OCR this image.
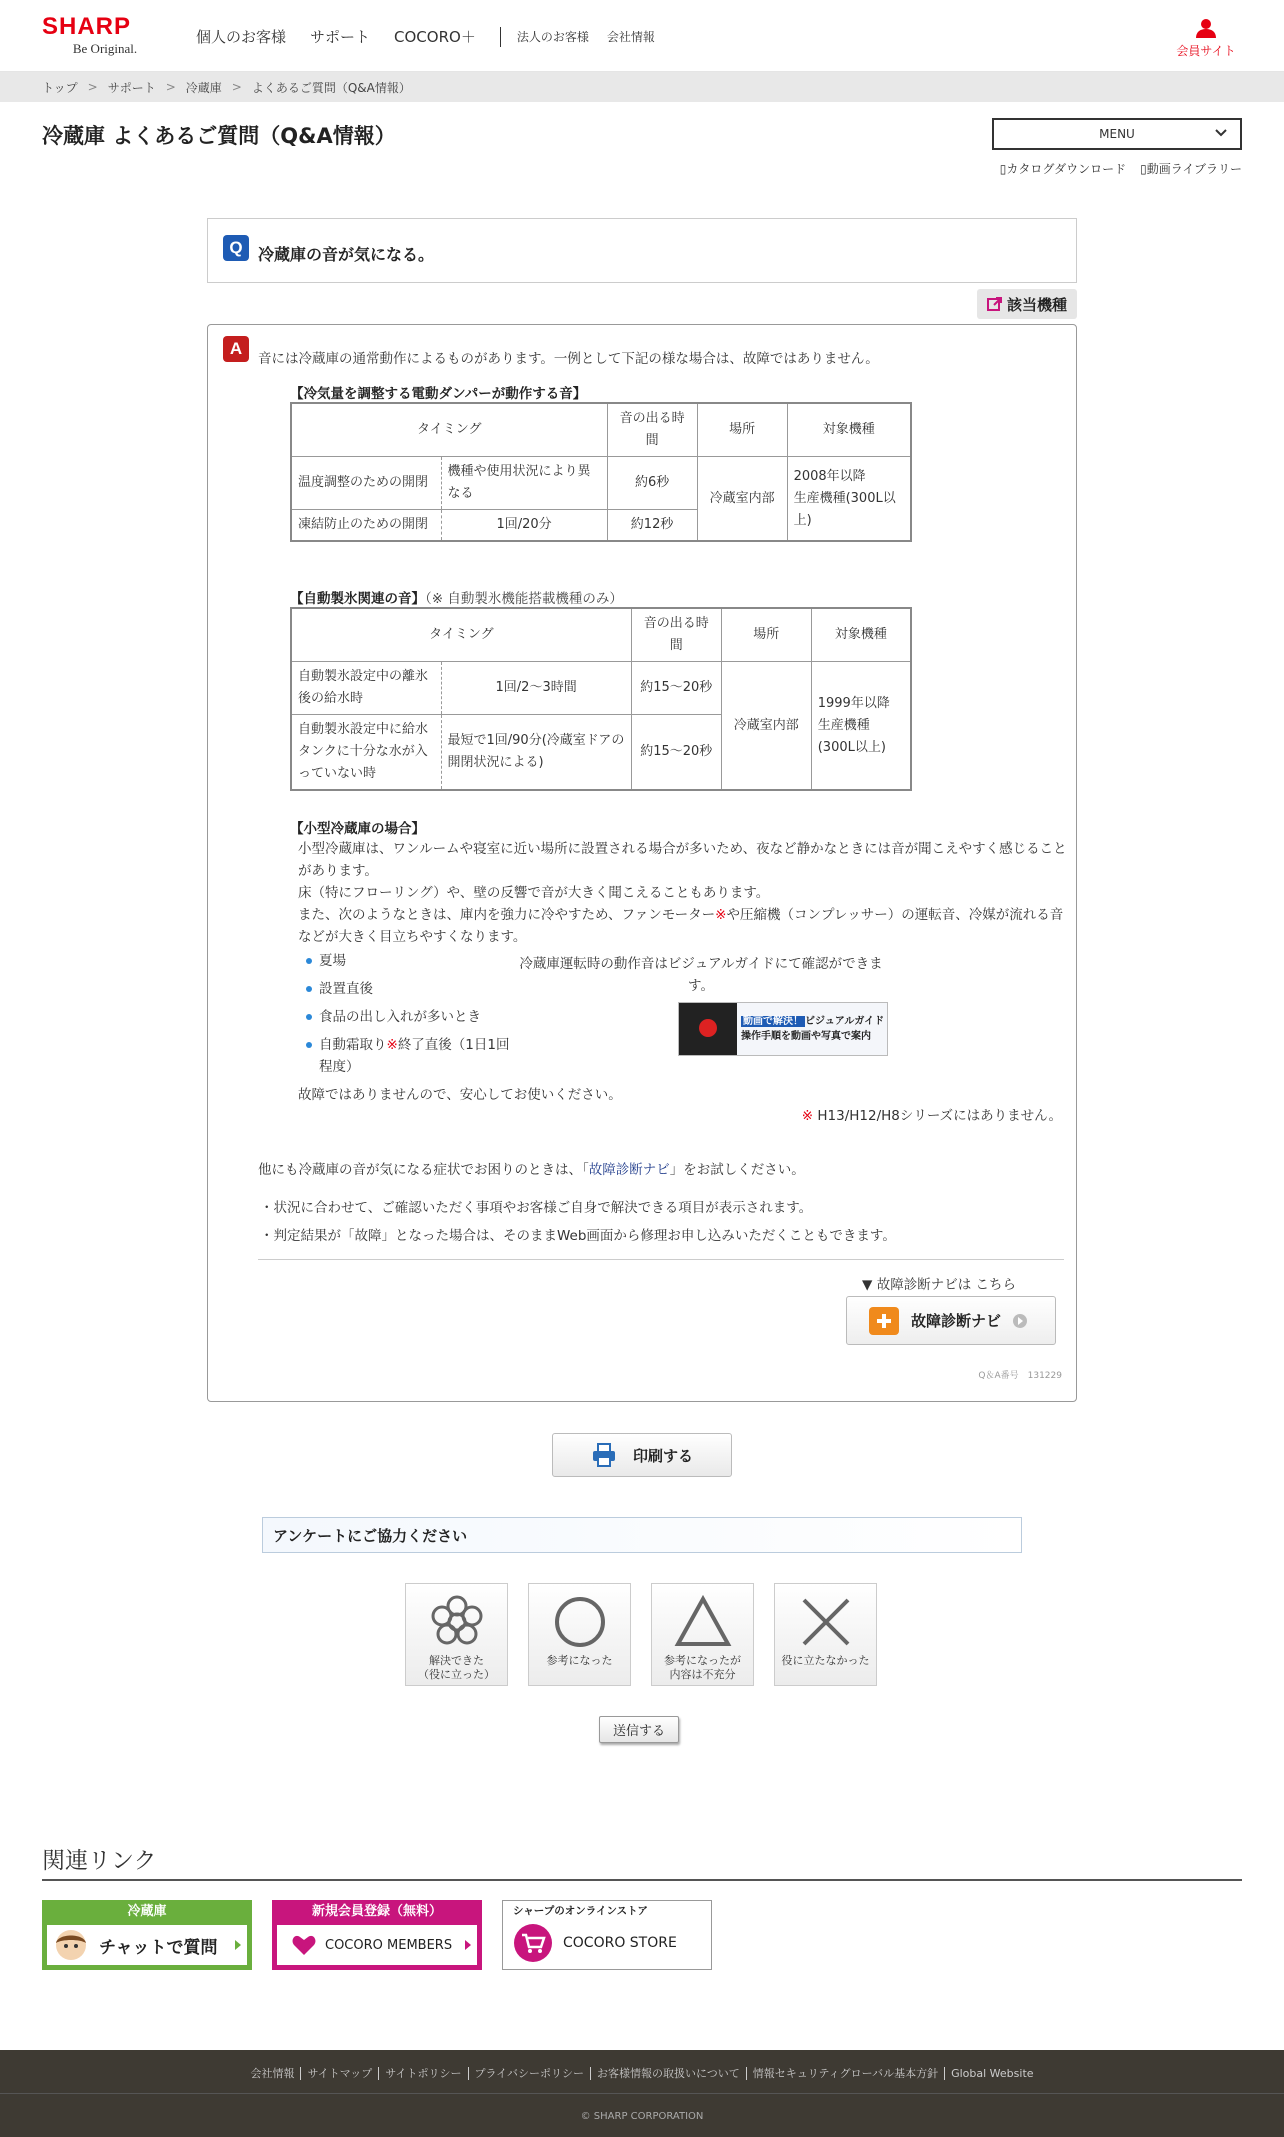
SHARP
Be Original.
個人のお客様 サポート COCORO＋	法人のお客様 会社情報
会員サイト
トップ > サポート > 冷蔵庫 > よくあるご質問（Q&A情報）
冷蔵庫 よくあるご質問（Q&A情報）	MENU
▯カタログダウンロード ▯動画ライブラリー
Q 冷蔵庫の音が気になる。
該当機種
A
音には冷蔵庫の通常動作によるものがあります。一例として下記の様な場合は、故障ではありません。
【冷気量を調整する電動ダンパーが動作する音】
タイミング		音の出る時間	場所	対象機種
温度調整のための開閉	機種や使用状況により異なる	約6秒	冷蔵室内部	2008年以降
生産機種(300L以上)
凍結防止のための開閉	1回/20分	約12秒		
【自動製氷関連の音】（※ 自動製氷機能搭載機種のみ）
タイミング		音の出る時間	場所	対象機種
自動製氷設定中の離氷後の給水時	1回/2〜3時間	約15〜20秒	冷蔵室内部	1999年以降
生産機種(300L以上)
自動製氷設定中に給水タンクに十分な水が入っていない時	最短で1回/90分(冷蔵室ドアの開閉状況による)	約15〜20秒		
【小型冷蔵庫の場合】

小型冷蔵庫は、ワンルームや寝室に近い場所に設置される場合が多いため、夜など静かなときには音が聞こえやすく感じることがあります。

床（特にフローリング）や、壁の反響で音が大きく聞こえることもあります。

また、次のようなときは、庫内を強力に冷やすため、ファンモーター※や圧縮機（コンプレッサー）の運転音、冷媒が流れる音などが大きく目立ちやすくなります。

夏場
設置直後
食品の出し入れが多いとき
自動霜取り※終了直後（1日1回程度）
冷蔵庫運転時の動作音はビジュアルガイドにて確認ができます。
動画で解決！ ビジュアルガイド
操作手順を動画や写真で案内
故障ではありませんので、安心してお使いください。
※ H13/H12/H8シリーズにはありません。
他にも冷蔵庫の音が気になる症状でお困りのときは、「故障診断ナビ」をお試しください。
・ 状況に合わせて、ご確認いただく事項やお客様ご自身で解決できる項目が表示されます。
・ 判定結果が「故障」となった場合は、そのままWeb画面から修理お申し込みいただくこともできます。
▼ 故障診断ナビは こちら
故障診断ナビ
Q＆A番号　131229
印刷する
アンケートにご協力ください
解決できた
（役に立った）
参考になった	参考になったが
内容は不充分
役に立たなかった
送信する
関連リンク
冷蔵庫
チャットで質問
新規会員登録（無料）
COCORO MEMBERS
シャープのオンラインストア
COCORO STORE
会社情報 サイトマップ サイトポリシー プライバシーポリシー お客様情報の取扱いについて 情報セキュリティグローバル基本方針 Global Website
© SHARP CORPORATION
